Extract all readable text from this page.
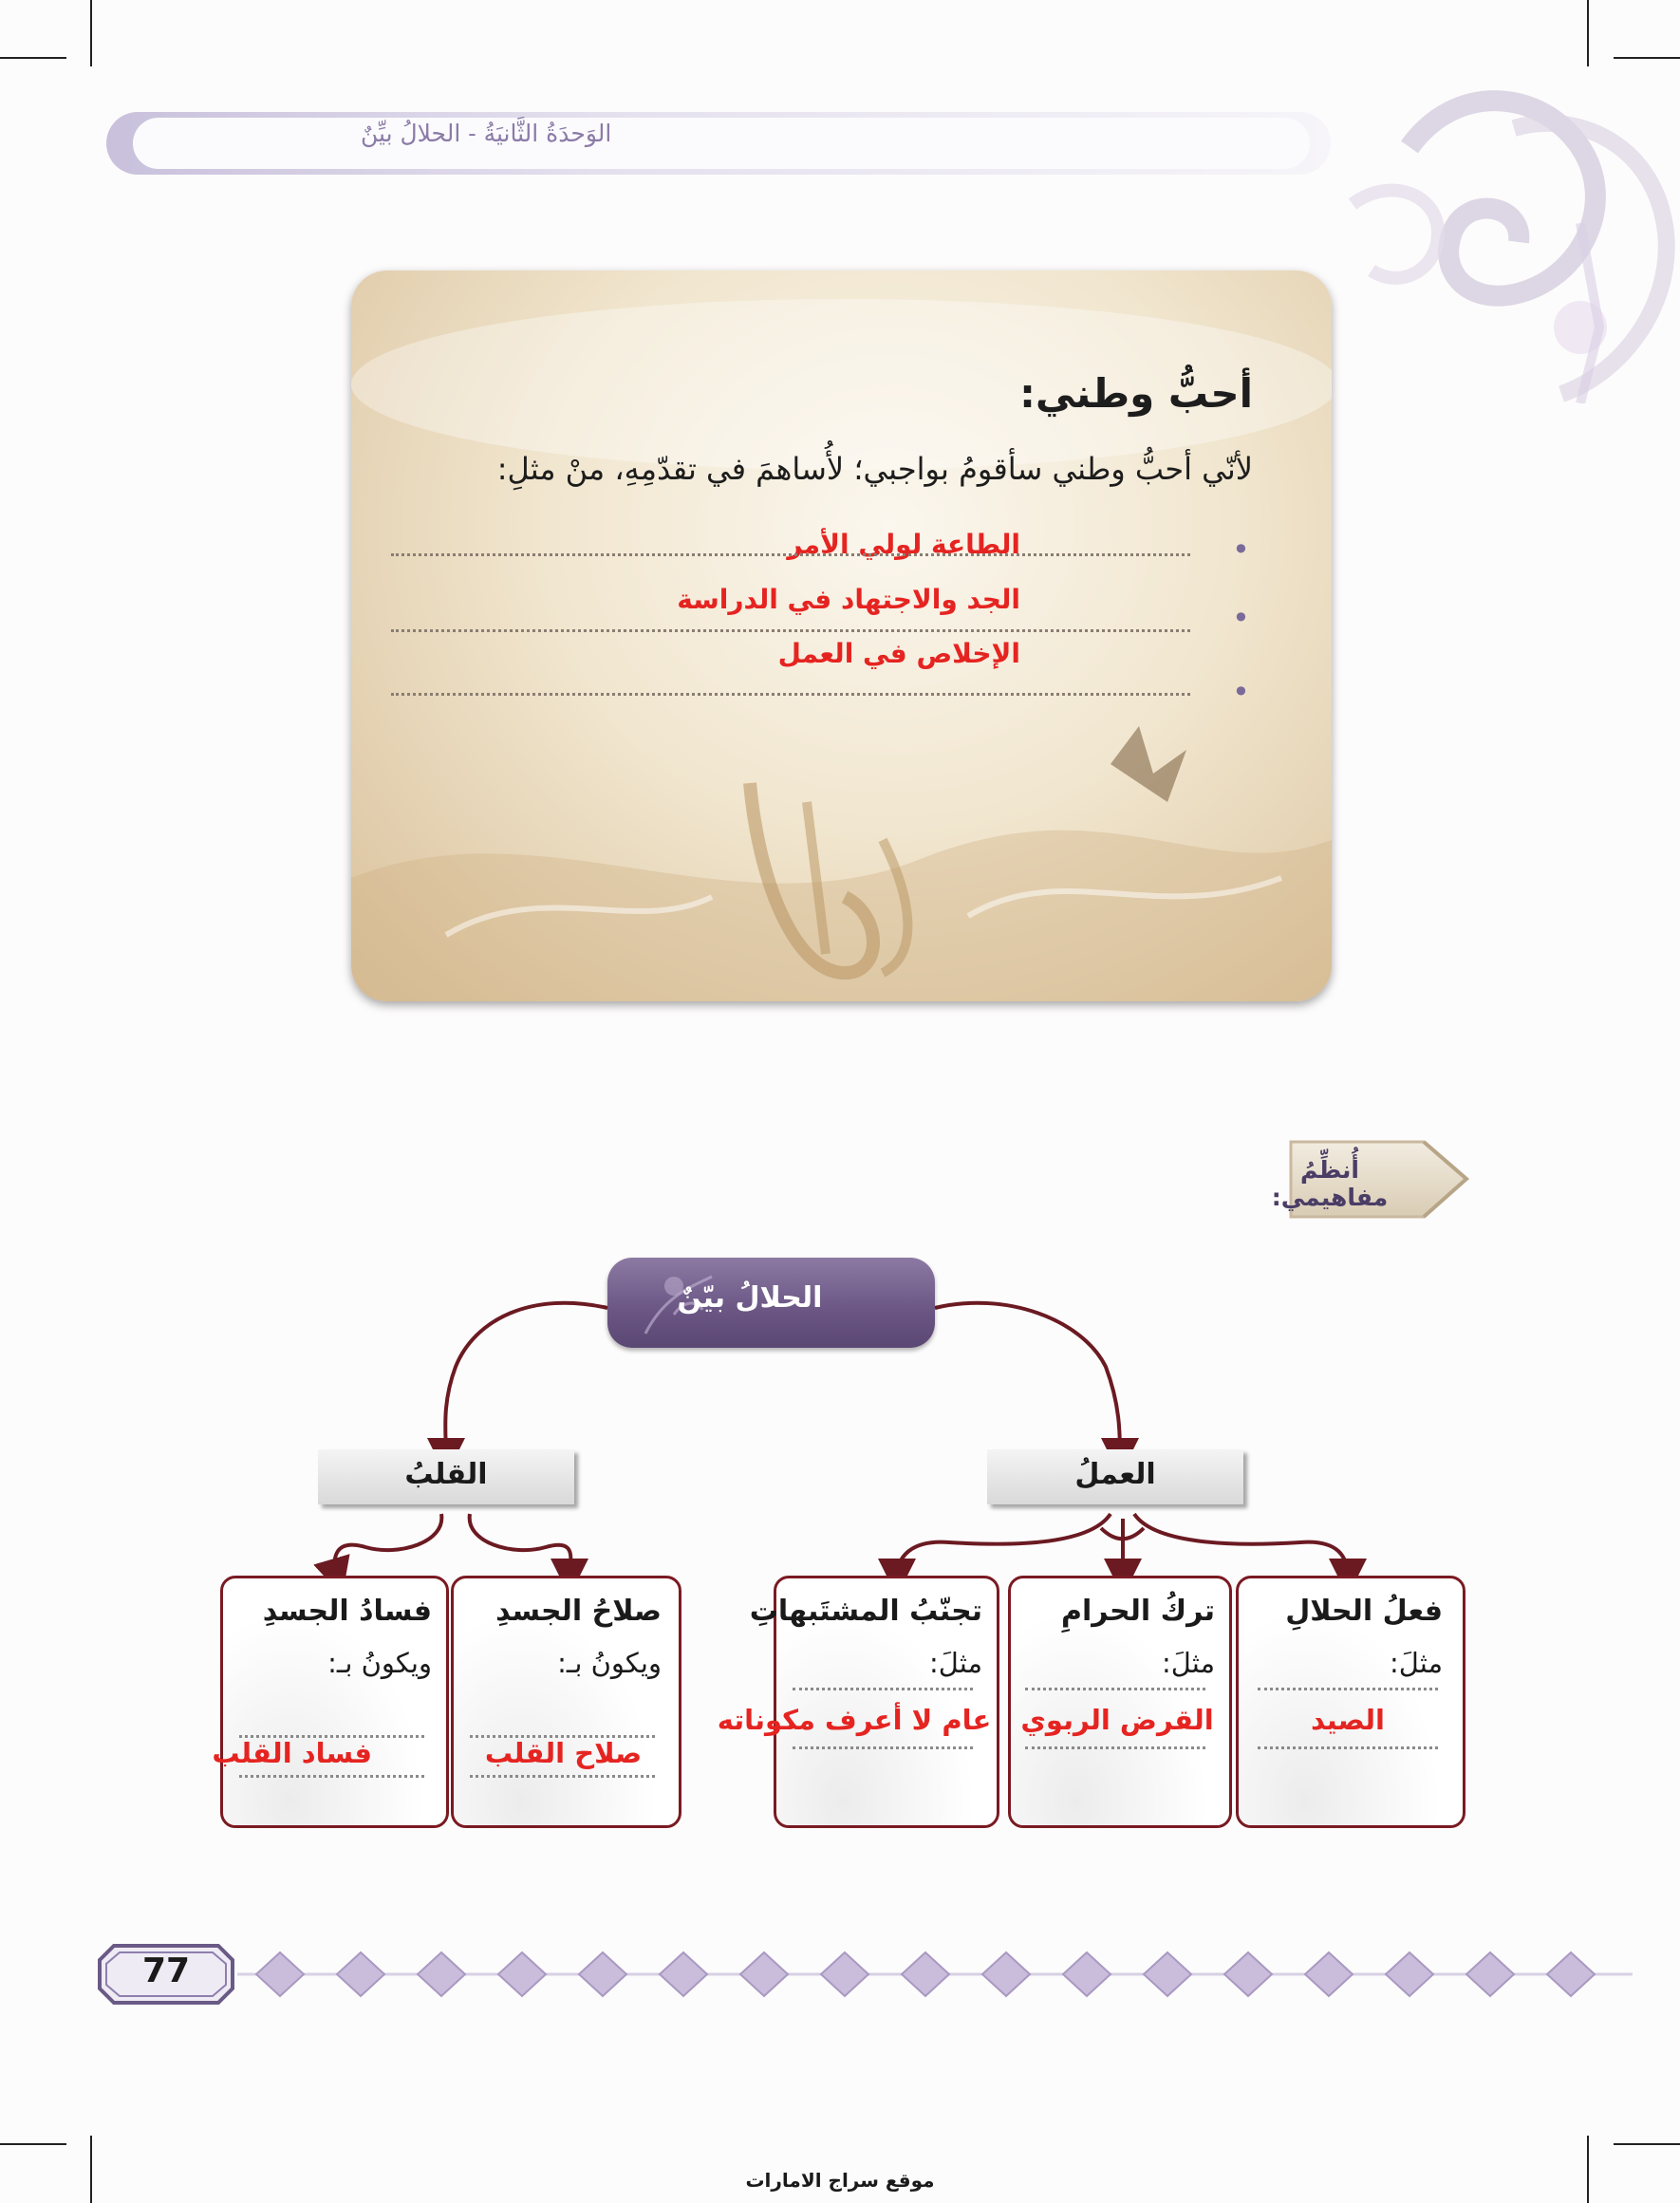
الوَحدَةُ الثَّانيَةُ - الحلالُ بيِّنٌ
أحبُّ وطني:
لأنّي أحبُّ وطني سأقومُ بواجبي؛ لأُساهمَ في تقدّمِهِ، منْ مثلِ:
•
الطاعة لولي الأمر
•
الجد والاجتهاد في الدراسة
•
الإخلاص في العمل
أُنظِّمُ مفاهيمي:
الحلالُ بيّنٌ
العملُ
القلبُ
فعلُ الحلالِ
مثلَ:
الصيد
تركُ الحرامِ
مثلَ:
القرض الربوي
تجنّبُ المشتَبهاتِ
مثلَ:
عام لا أعرف مكوناته
صلاحُ الجسدِ
ويكونُ بـ:
صلاح القلب
فسادُ الجسدِ
ويكونُ بـ:
فساد القلب
77
موقع سراج الامارات
